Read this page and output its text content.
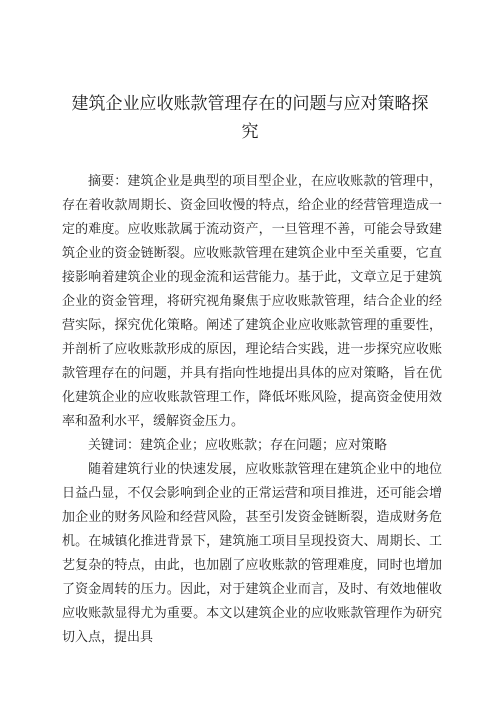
建筑企业应收账款管理存在的问题与应对策略探究

摘要：建筑企业是典型的项目型企业，在应收账款的管理中，存在着收款周期长、资金回收慢的特点，给企业的经营管理造成一定的难度。应收账款属于流动资产，一旦管理不善，可能会导致建筑企业的资金链断裂。应收账款管理在建筑企业中至关重要，它直接影响着建筑企业的现金流和运营能力。基于此，文章立足于建筑企业的资金管理，将研究视角聚焦于应收账款管理，结合企业的经营实际，探究优化策略。阐述了建筑企业应收账款管理的重要性，并剖析了应收账款形成的原因，理论结合实践，进一步探究应收账款管理存在的问题，并具有指向性地提出具体的应对策略，旨在优化建筑企业的应收账款管理工作，降低坏账风险，提高资金使用效率和盈利水平，缓解资金压力。

关键词：建筑企业；应收账款；存在问题；应对策略

随着建筑行业的快速发展，应收账款管理在建筑企业中的地位日益凸显，不仅会影响到企业的正常运营和项目推进，还可能会增加企业的财务风险和经营风险，甚至引发资金链断裂，造成财务危机。在城镇化推进背景下，建筑施工项目呈现投资大、周期长、工艺复杂的特点，由此，也加剧了应收账款的管理难度，同时也增加了资金周转的压力。因此，对于建筑企业而言，及时、有效地催收应收账款显得尤为重要。本文以建筑企业的应收账款管理作为研究切入点，提出具
